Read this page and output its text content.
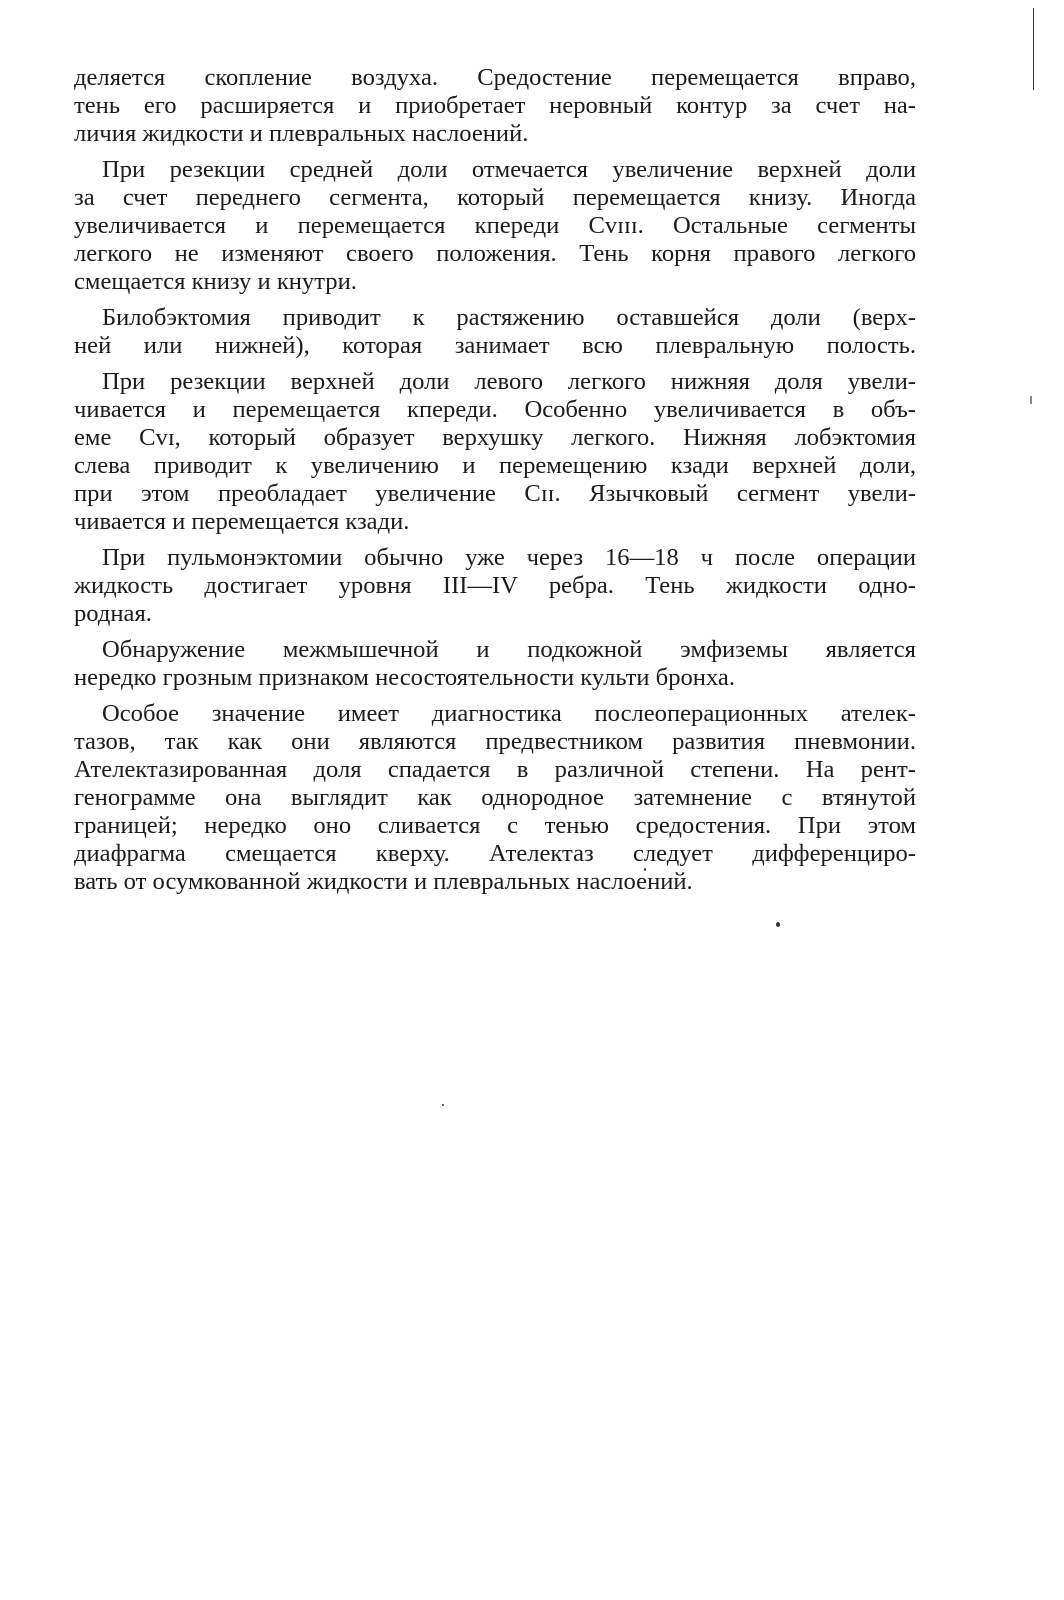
деляется скопление воздуха. Средостение перемещается вправо,
тень его расширяется и приобретает неровный контур за счет на-
личия жидкости и плевральных наслоений.
При резекции средней доли отмечается увеличение верхней доли
за счет переднего сегмента, который перемещается книзу. Иногда
увеличивается и перемещается кпереди Cᴠɪɪɪ. Остальные сегменты
легкого не изменяют своего положения. Тень корня правого легкого
смещается книзу и кнутри.
Билобэктомия приводит к растяжению оставшейся доли (верх-
ней или нижней), которая занимает всю плевральную полость.
При резекции верхней доли левого легкого нижняя доля увели-
чивается и перемещается кпереди. Особенно увеличивается в объ-
еме Cᴠɪ, который образует верхушку легкого. Нижняя лобэктомия
слева приводит к увеличению и перемещению кзади верхней доли,
при этом преобладает увеличение Cɪɪ. Язычковый сегмент увели-
чивается и перемещается кзади.
При пульмонэктомии обычно уже через 16—18 ч после операции
жидкость достигает уровня III—IV ребра. Тень жидкости одно-
родная.
Обнаружение межмышечной и подкожной эмфиземы является
нередко грозным признаком несостоятельности культи бронха.
Особое значение имеет диагностика послеоперационных ателек-
тазов, так как они являются предвестником развития пневмонии.
Ателектазированная доля спадается в различной степени. На рент-
генограмме она выглядит как однородное затемнение с втянутой
границей; нередко оно сливается с тенью средостения. При этом
диафрагма смещается кверху. Ателектаз следует дифференциро-
вать от осумкованной жидкости и плевральных наслоений.
